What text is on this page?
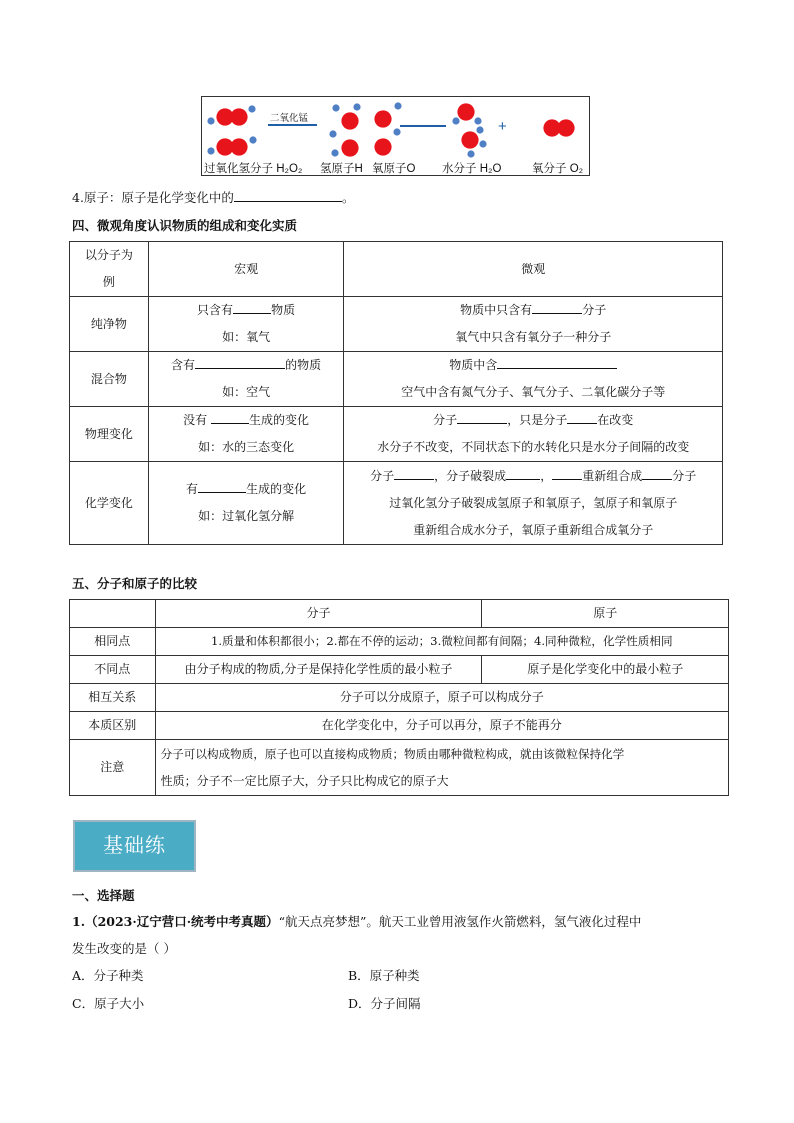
二氧化锰	+
过氧化氢分子 H₂O₂ 氢原子H 氧原子O 水分子 H₂O	氧分子 O₂
4.原子：原子是化学变化中的	。
四、微观角度认识物质的组成和变化实质
以分子为
例	宏观	微观
纯净物	只含有 物质
如：氧气	物质中只含有 分子
氧气中只含有氧分子一种分子

混合物	含有 的物质
如：空气	物质中含
空气中含有氮气分子、氧气分子、二氧化碳分子等

物理变化	没有 生成的变化
如：水的三态变化	分子 ，只是分子 在改变
水分子不改变，不同状态下的水转化只是水分子间隔的改变

化学变化	有 生成的变化
如：过氧化氢分解	分子 ，分子破裂成 ， 重新组合成 分子
过氧化氢分子破裂成氢原子和氧原子，氢原子和氧原子
重新组合成水分子，氧原子重新组合成氧分子
五、分子和原子的比较
	分子	原子
相同点	1.质量和体积都很小；2.都在不停的运动；3.微粒间都有间隔；4.同种微粒，化学性质相同	
不同点	由分子构成的物质,分子是保持化学性质的最小粒子	原子是化学变化中的最小粒子
相互关系	分子可以分成原子，原子可以构成分子	
本质区别	在化学变化中，分子可以再分，原子不能再分	
注意	分子可以构成物质，原子也可以直接构成物质；物质由哪种微粒构成，就由该微粒保持化学
性质；分子不一定比原子大，分子只比构成它的原子大	
基础练
一、选择题
1.（2023·辽宁营口·统考中考真题）“航天点亮梦想”。航天工业曾用液氢作火箭燃料，氢气液化过程中
发生改变的是（ ）
A．分子种类	B．原子种类
C．原子大小	D．分子间隔
